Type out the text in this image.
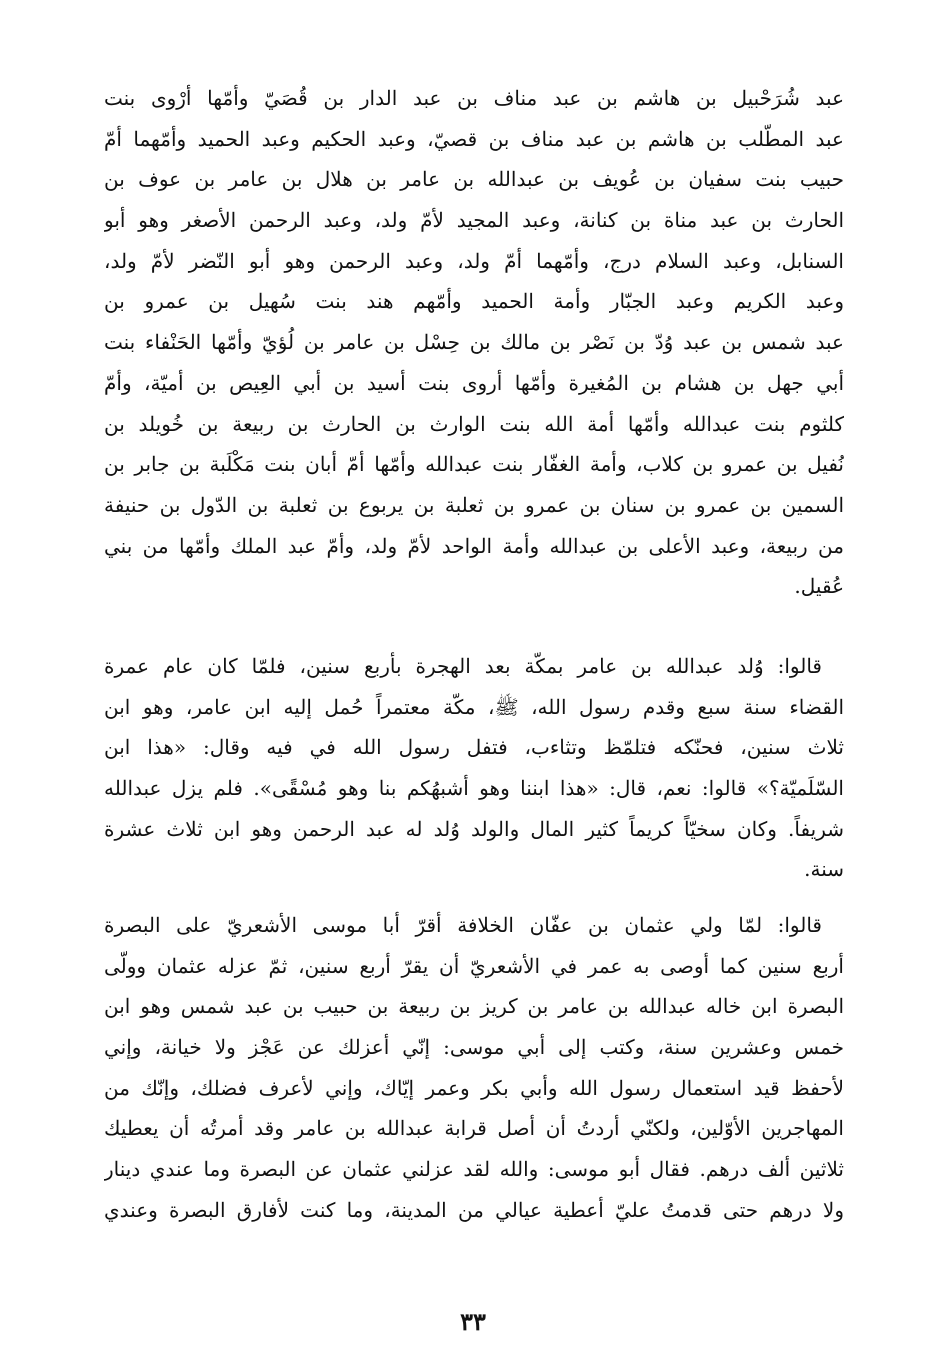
عبد شُرَحْبيل بن هاشم بن عبد مناف بن عبد الدار بن قُصَيّ وأمّها أرْوى بنت
عبد المطّلب بن هاشم بن عبد مناف بن قصيّ، وعبد الحكيم وعبد الحميد وأمّهما أمّ
حبيب بنت سفيان بن عُويف بن عبدالله بن عامر بن هلال بن عامر بن عوف بن
الحارث بن عبد مناة بن كنانة، وعبد المجيد لأمّ ولد، وعبد الرحمن الأصغر وهو أبو
السنابل، وعبد السلام درج، وأمّهما أمّ ولد، وعبد الرحمن وهو أبو النّضر لأمّ ولد،
وعبد الكريم وعبد الجبّار وأمة الحميد وأمّهم هند بنت سُهيل بن عمرو بن
عبد شمس بن عبد وُدّ بن نَصْر بن مالك بن حِسْل بن عامر بن لُؤيّ وأمّها الحَنْفاء بنت
أبي جهل بن هشام بن المُغيرة وأمّها أروى بنت أسيد بن أبي العِيص بن أميّة، وأمّ
كلثوم بنت عبدالله وأمّها أمة الله بنت الوارث بن الحارث بن ربيعة بن خُويلد بن
نُفيل بن عمرو بن كلاب، وأمة الغفّار بنت عبدالله وأمّها أمّ أبان بنت مَكْلَبة بن جابر بن
السمين بن عمرو بن سنان بن عمرو بن ثعلبة بن يربوع بن ثعلبة بن الدّول بن حنيفة
من ربيعة، وعبد الأعلى بن عبدالله وأمة الواحد لأمّ ولد، وأمّ عبد الملك وأمّها من بني
عُقيل.
قالوا: وُلد عبدالله بن عامر بمكّة بعد الهجرة بأربع سنين، فلمّا كان عام عمرة
القضاء سنة سبع وقدم رسول الله، ﷺ، مكّة معتمراً حُمل إليه ابن عامر، وهو ابن
ثلاث سنين، فحنّكه فتلمّظ وتثاءب، فتفل رسول الله في فيه وقال: «هذا ابن
السّلَميّة؟» قالوا: نعم، قال: «هذا ابننا وهو أشبهُكم بنا وهو مُسْقًى». فلم يزل عبدالله
شريفاً. وكان سخيّاً كريماً كثير المال والولد وُلد له عبد الرحمن وهو ابن ثلاث عشرة
سنة.
قالوا: لمّا ولي عثمان بن عفّان الخلافة أقرّ أبا موسى الأشعريّ على البصرة
أربع سنين كما أوصى به عمر في الأشعريّ أن يقرّ أربع سنين، ثمّ عزله عثمان وولّى
البصرة ابن خاله عبدالله بن عامر بن كريز بن ربيعة بن حبيب بن عبد شمس وهو ابن
خمس وعشرين سنة، وكتب إلى أبي موسى: إنّي أعزلك عن عَجْز ولا خيانة، وإني
لأحفظ قيد استعمال رسول الله وأبي بكر وعمر إيّاك، وإني لأعرف فضلك، وإنّك من
المهاجرين الأوّلين، ولكنّي أردتُ أن أصل قرابة عبدالله بن عامر وقد أمرتُه أن يعطيك
ثلاثين ألف درهم. فقال أبو موسى: والله لقد عزلني عثمان عن البصرة وما عندي دينار
ولا درهم حتى قدمتُ عليّ أعطية عيالي من المدينة، وما كنت لأفارق البصرة وعندي
٣٣
